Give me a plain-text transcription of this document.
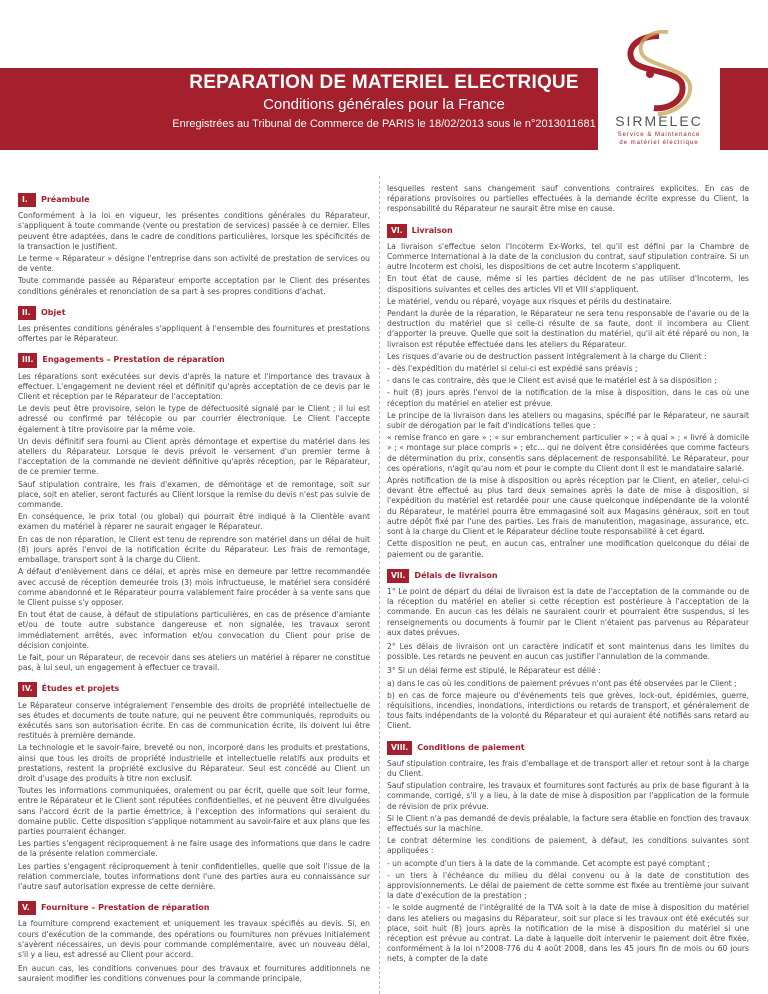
REPARATION DE MATERIEL ELECTRIQUE
Conditions générales pour la France
Enregistrées au Tribunal de Commerce de PARIS le 18/02/2013 sous le n°2013011681	SIRMELEC
Service & Maintenance
de matériel électrique
I.	Préambule

Conformément à la loi en vigueur, les présentes conditions générales du Réparateur, s'appliquent à toute commande (vente ou prestation de services) passée à ce dernier. Elles peuvent être adaptées, dans le cadre de conditions particulières, lorsque les spécificités de la transaction le justifient.

Le terme « Réparateur » désigne l'entreprise dans son activité de prestation de services ou de vente.

Toute commande passée au Réparateur emporte acceptation par le Client des présentes conditions générales et renonciation de sa part à ses propres conditions d'achat.

II.	Objet

Les présentes conditions générales s'appliquent à l'ensemble des fournitures et prestations offertes par le Réparateur.

III.	Engagements – Prestation de réparation

Les réparations sont exécutées sur devis d'après la nature et l'importance des travaux à effectuer. L'engagement ne devient réel et définitif qu'après acceptation de ce devis par le Client et réception par le Réparateur de l'acceptation.

Le devis peut être provisoire, selon le type de défectuosité signalé par le Client ; il lui est adressé ou confirmé par télécopie ou par courrier électronique. Le Client l'accepte également à titre provisoire par la même voie.

Un devis définitif sera fourni au Client après démontage et expertise du matériel dans les ateliers du Réparateur. Lorsque le devis prévoit le versement d'un premier terme à l'acceptation de la commande ne devient définitive qu'après réception, par le Réparateur, de ce premier terme.

Sauf stipulation contraire, les frais d'examen, de démontage et de remontage, soit sur place, soit en atelier, seront facturés au Client lorsque la remise du devis n'est pas suivie de commande.

En conséquence, le prix total (ou global) qui pourrait être indiqué à la Clientèle avant examen du matériel à réparer ne saurait engager le Réparateur.

En cas de non réparation, le Client est tenu de reprendre son matériel dans un délai de huit (8) jours après l'envoi de la notification écrite du Réparateur. Les frais de remontage, emballage, transport sont à la charge du Client.

A défaut d'enlèvement dans ce délai, et après mise en demeure par lettre recommandée avec accusé de réception demeurée trois (3) mois infructueuse, le matériel sera considéré comme abandonné et le Réparateur pourra valablement faire procéder à sa vente sans que le Client puisse s'y opposer.

En tout état de cause, à défaut de stipulations particulières, en cas de présence d'amiante et/ou de toute autre substance dangereuse et non signalée, les travaux seront immédiatement arrêtés, avec information et/ou convocation du Client pour prise de décision conjointe.

Le fait, pour un Réparateur, de recevoir dans ses ateliers un matériel à réparer ne constitue pas, à lui seul, un engagement à effectuer ce travail.

IV.	Études et projets

Le Réparateur conserve intégralement l'ensemble des droits de propriété intellectuelle de ses études et documents de toute nature, qui ne peuvent être communiqués, reproduits ou exécutés sans son autorisation écrite. En cas de communication écrite, ils doivent lui être restitués à première demande.

La technologie et le savoir-faire, breveté ou non, incorporé dans les produits et prestations, ainsi que tous les droits de propriété industrielle et intellectuelle relatifs aux produits et prestations, restent la propriété exclusive du Réparateur. Seul est concédé au Client un droit d'usage des produits à titre non exclusif.

Toutes les informations communiquées, oralement ou par écrit, quelle que soit leur forme, entre le Réparateur et le Client sont réputées confidentielles, et ne peuvent être divulguées sans l'accord écrit de la partie émettrice, à l'exception des informations qui seraient du domaine public. Cette disposition s'applique notamment au savoir-faire et aux plans que les parties pourraient échanger.

Les parties s'engagent réciproquement à ne faire usage des informations que dans le cadre de la présente relation commerciale.

Les parties s'engagent réciproquement à tenir confidentielles, quelle que soit l'issue de la relation commerciale, toutes informations dont l'une des parties aura eu connaissance sur l'autre sauf autorisation expresse de cette dernière.

V.	Fourniture – Prestation de réparation

La fourniture comprend exactement et uniquement les travaux spécifiés au devis. Si, en cours d'exécution de la commande, des opérations ou fournitures non prévues initialement s'avèrent nécessaires, un devis pour commande complémentaire, avec un nouveau délai, s'il y a lieu, est adressé au Client pour accord.

En aucun cas, les conditions convenues pour des travaux et fournitures additionnels ne sauraient modifier les conditions convenues pour la commande principale,

lesquelles restent sans changement sauf conventions contraires explicites. En cas de réparations provisoires ou partielles effectuées à la demande écrite expresse du Client, la responsabilité du Réparateur ne saurait être mise en cause.

VI.	Livraison

La livraison s'effectue selon l'Incoterm Ex-Works, tel qu'il est défini par la Chambre de Commerce International à la date de la conclusion du contrat, sauf stipulation contraire. Si un autre Incoterm est choisi, les dispositions de cet autre Incoterm s'appliquent.

En tout état de cause, même si les parties décident de ne pas utiliser d'Incoterm, les dispositions suivantes et celles des articles VII et VIII s'appliquent.

Le matériel, vendu ou réparé, voyage aux risques et périls du destinataire.

Pendant la durée de la réparation, le Réparateur ne sera tenu responsable de l'avarie ou de la destruction du matériel que si celle-ci résulte de sa faute, dont il incombera au Client d'apporter la preuve. Quelle que soit la destination du matériel, qu'il ait été réparé ou non, la livraison est réputée effectuée dans les ateliers du Réparateur.

Les risques d'avarie ou de destruction passent intégralement à la charge du Client :

- dès l'expédition du matériel si celui-ci est expédié sans préavis ;

- dans le cas contraire, dès que le Client est avisé que le matériel est à sa disposition ;

- huit (8) jours après l'envoi de la notification de la mise à disposition, dans le cas où une réception du matériel en atelier est prévue.

Le principe de la livraison dans les ateliers ou magasins, spécifié par le Réparateur, ne saurait subir de dérogation par le fait d'indications telles que :

« remise franco en gare » ; « sur embranchement particulier » ; « à quai » ; « livré à domicile » ; « montage sur place compris » ; etc... qui ne doivent être considérées que comme facteurs de détermination du prix, consentis sans déplacement de responsabilité. Le Réparateur, pour ces opérations, n'agit qu'au nom et pour le compte du Client dont il est le mandataire salarié.

Après notification de la mise à disposition ou après réception par le Client, en atelier, celui-ci devant être effectué au plus tard deux semaines après la date de mise à disposition, si l'expédition du matériel est retardée pour une cause quelconque indépendante de la volonté du Réparateur, le matériel pourra être emmagasiné soit aux Magasins généraux, soit en tout autre dépôt fixé par l'une des parties. Les frais de manutention, magasinage, assurance, etc. sont à la charge du Client et le Réparateur décline toute responsabilité à cet égard.

Cette disposition ne peut, en aucun cas, entraîner une modification quelconque du délai de paiement ou de garantie.

VII.	Délais de livraison

1° Le point de départ du délai de livraison est la date de l'acceptation de la commande ou de la réception du matériel en atelier si cette réception est postérieure à l'acceptation de la commande. En aucun cas les délais ne sauraient courir et pourraient être suspendus, si les renseignements ou documents à fournir par le Client n'étaient pas parvenus au Réparateur aux dates prévues.

2° Les délais de livraison ont un caractère indicatif et sont maintenus dans les limites du possible. Les retards ne peuvent en aucun cas justifier l'annulation de la commande.

3° Si un délai ferme est stipulé, le Réparateur est délié :

a) dans le cas où les conditions de paiement prévues n'ont pas été observées par le Client ;

b) en cas de force majeure ou d'événements tels que grèves, lock-out, épidémies, guerre, réquisitions, incendies, inondations, interdictions ou retards de transport, et généralement de tous faits indépendants de la volonté du Réparateur et qui auraient été notifiés sans retard au Client.

VIII.	Conditions de paiement

Sauf stipulation contraire, les frais d'emballage et de transport aller et retour sont à la charge du Client.

Sauf stipulation contraire, les travaux et fournitures sont facturés au prix de base figurant à la commande, corrigé, s'il y a lieu, à la date de mise à disposition par l'application de la formule de révision de prix prévue.

Si le Client n'a pas demandé de devis préalable, la facture sera établie en fonction des travaux effectués sur la machine.

Le contrat détermine les conditions de paiement, à défaut, les conditions suivantes sont appliquées :

- un acompte d'un tiers à la date de la commande. Cet acompte est payé comptant ;

- un tiers à l'échéance du milieu du délai convenu ou à la date de constitution des approvisionnements. Le délai de paiement de cette somme est fixée au trentième jour suivant la date d'exécution de la prestation ;

- le solde augmenté de l'intégralité de la TVA soit à la date de mise à disposition du matériel dans les ateliers ou magasins du Réparateur, soit sur place si les travaux ont été exécutés sur place, soit huit (8) jours après la notification de la mise à disposition du matériel si une réception est prévue au contrat. La date à laquelle doit intervenir le paiement doit être fixée, conformément à la loi n°2008-776 du 4 août 2008, dans les 45 jours fin de mois ou 60 jours nets, à compter de la date
